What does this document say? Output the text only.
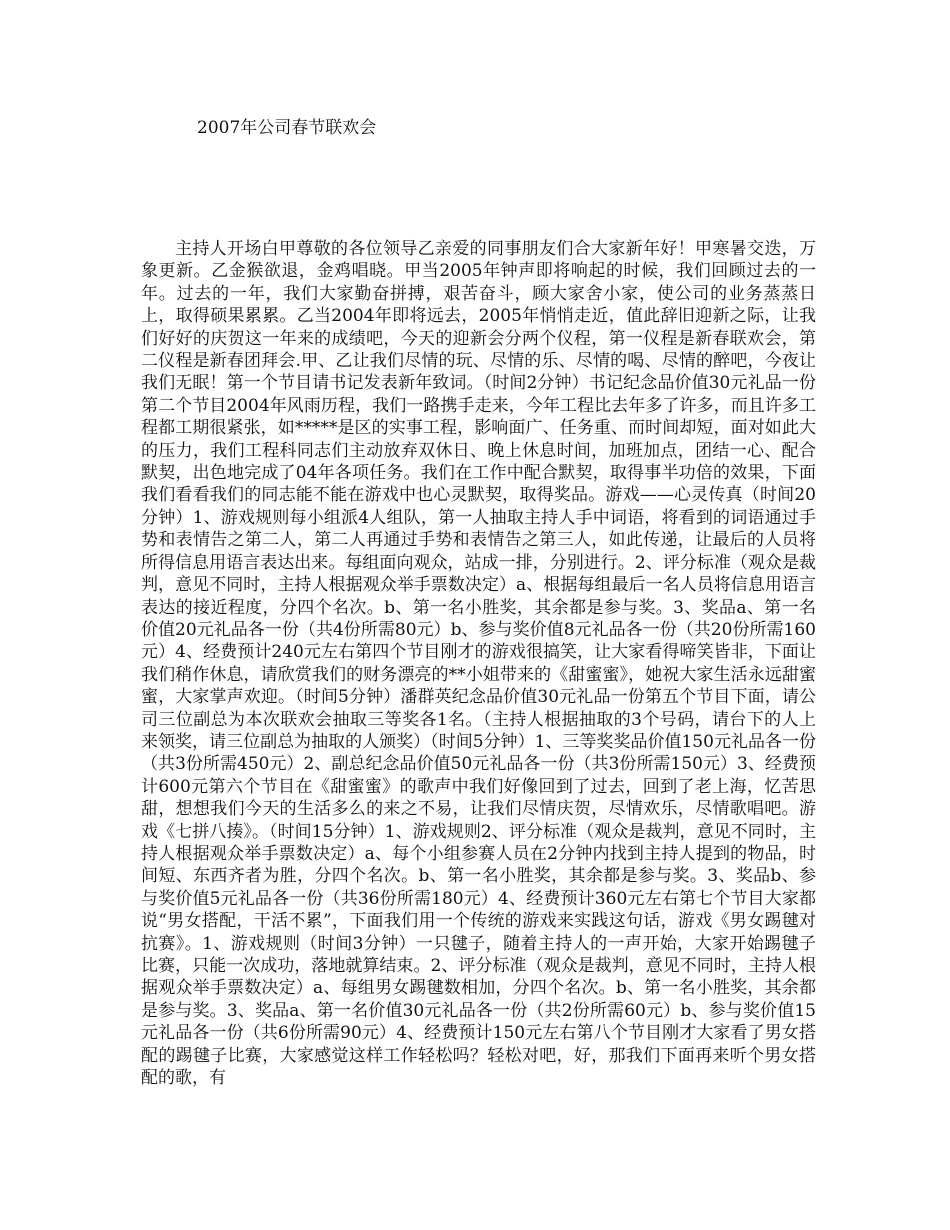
2007年公司春节联欢会

主持人开场白甲尊敬的各位领导乙亲爱的同事朋友们合大家新年好！甲寒暑交迭，万象更新。乙金猴欲退，金鸡唱晓。甲当2005年钟声即将响起的时候，我们回顾过去的一年。过去的一年，我们大家勤奋拼搏，艰苦奋斗，顾大家舍小家，使公司的业务蒸蒸日上，取得硕果累累。乙当2004年即将远去，2005年悄悄走近，值此辞旧迎新之际，让我们好好的庆贺这一年来的成绩吧，今天的迎新会分两个仪程，第一仪程是新春联欢会，第二仪程是新春团拜会.甲、乙让我们尽情的玩、尽情的乐、尽情的喝、尽情的醉吧，今夜让我们无眠！第一个节目请书记发表新年致词。（时间2分钟）书记纪念品价值30元礼品一份第二个节目2004年风雨历程，我们一路携手走来，今年工程比去年多了许多，而且许多工程都工期很紧张，如*****是区的实事工程，影响面广、任务重、而时间却短，面对如此大的压力，我们工程科同志们主动放弃双休日、晚上休息时间，加班加点，团结一心、配合默契，出色地完成了04年各项任务。我们在工作中配合默契，取得事半功倍的效果，下面我们看看我们的同志能不能在游戏中也心灵默契，取得奖品。游戏——心灵传真（时间20分钟）1、游戏规则每小组派4人组队，第一人抽取主持人手中词语，将看到的词语通过手势和表情告之第二人，第二人再通过手势和表情告之第三人，如此传递，让最后的人员将所得信息用语言表达出来。每组面向观众，站成一排，分别进行。2、评分标准（观众是裁判，意见不同时，主持人根据观众举手票数决定）a、根据每组最后一名人员将信息用语言表达的接近程度，分四个名次。b、第一名小胜奖，其余都是参与奖。3、奖品a、第一名价值20元礼品各一份（共4份所需80元）b、参与奖价值8元礼品各一份（共20份所需160元）4、经费预计240元左右第四个节目刚才的游戏很搞笑，让大家看得啼笑皆非，下面让我们稍作休息，请欣赏我们的财务漂亮的**小姐带来的《甜蜜蜜》，她祝大家生活永远甜蜜蜜，大家掌声欢迎。（时间5分钟）潘群英纪念品价值30元礼品一份第五个节目下面，请公司三位副总为本次联欢会抽取三等奖各1名。（主持人根据抽取的3个号码，请台下的人上来领奖，请三位副总为抽取的人颁奖）（时间5分钟）1、三等奖奖品价值150元礼品各一份（共3份所需450元）2、副总纪念品价值50元礼品各一份（共3份所需150元）3、经费预计600元第六个节目在《甜蜜蜜》的歌声中我们好像回到了过去，回到了老上海，忆苦思甜，想想我们今天的生活多么的来之不易，让我们尽情庆贺，尽情欢乐，尽情歌唱吧。游戏《七拼八揍》。（时间15分钟）1、游戏规则2、评分标准（观众是裁判，意见不同时，主持人根据观众举手票数决定）a、每个小组参赛人员在2分钟内找到主持人提到的物品，时间短、东西齐者为胜，分四个名次。b、第一名小胜奖，其余都是参与奖。3、奖品b、参与奖价值5元礼品各一份（共36份所需180元）4、经费预计360元左右第七个节目大家都说“男女搭配，干活不累”，下面我们用一个传统的游戏来实践这句话，游戏《男女踢毽对抗赛》。1、游戏规则（时间3分钟）一只毽子，随着主持人的一声开始，大家开始踢毽子比赛，只能一次成功，落地就算结束。2、评分标准（观众是裁判，意见不同时，主持人根据观众举手票数决定）a、每组男女踢毽数相加，分四个名次。b、第一名小胜奖，其余都是参与奖。3、奖品a、第一名价值30元礼品各一份（共2份所需60元）b、参与奖价值15元礼品各一份（共6份所需90元）4、经费预计150元左右第八个节目刚才大家看了男女搭配的踢毽子比赛，大家感觉这样工作轻松吗？轻松对吧，好，那我们下面再来听个男女搭配的歌，有
